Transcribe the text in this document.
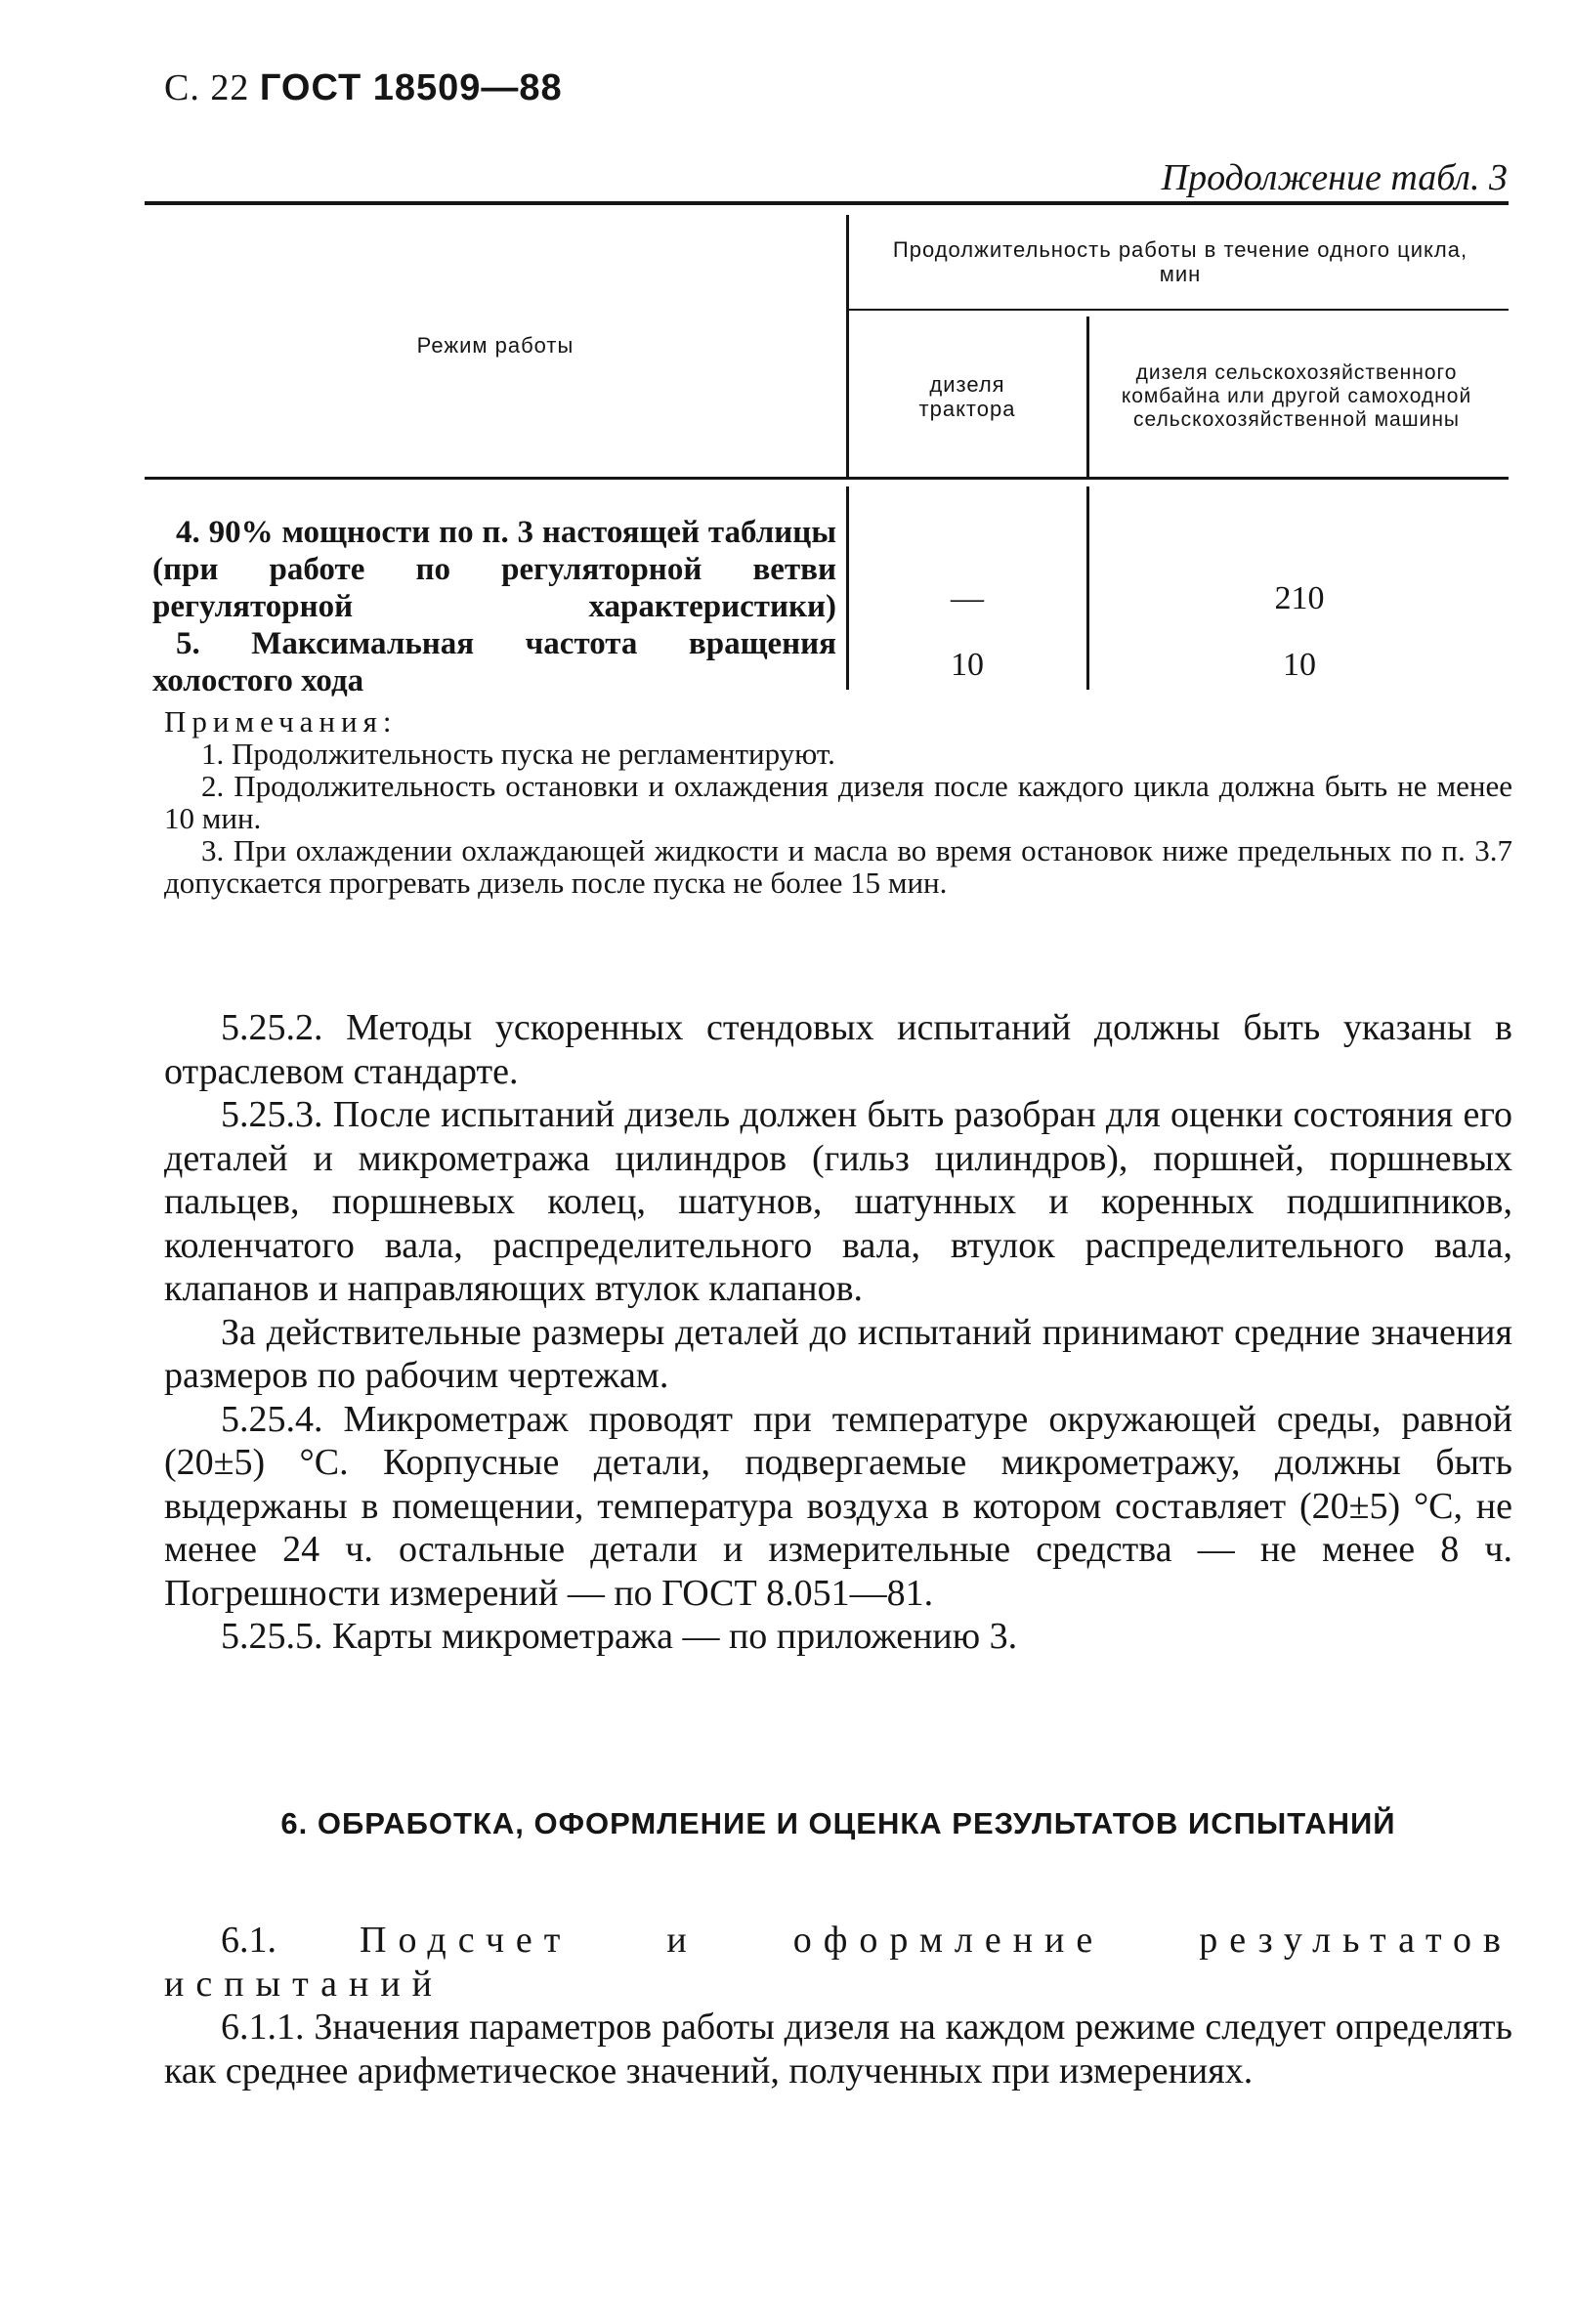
С. 22 ГОСТ 18509—88
Продолжение табл. 3
Режим работы
Продолжительность работы в течение одного цикла, мин
дизеля трактора
дизеля сельскохозяйственного комбайна или другой самоходной сельскохозяйственной машины
4. 90% мощности по п. 3 настоящей таблицы (при работе по регуляторной ветви регуляторной характеристики)	—	210
5. Максимальная частота вращения холостого хода	10	10

Примечания:

1. Продолжительность пуска не регламентируют.

2. Продолжительность остановки и охлаждения дизеля после каждого цикла должна быть не менее 10 мин.

3. При охлаждении охлаждающей жидкости и масла во время остановок ниже предельных по п. 3.7 допускается прогревать дизель после пуска не более 15 мин.

5.25.2. Методы ускоренных стендовых испытаний должны быть указаны в отраслевом стандарте.

5.25.3. После испытаний дизель должен быть разобран для оценки состояния его деталей и микрометража цилиндров (гильз цилиндров), поршней, поршневых пальцев, поршневых колец, шатунов, шатунных и коренных подшипников, коленчатого вала, распределительного вала, втулок распределительного вала, клапанов и направляющих втулок клапанов.

За действительные размеры деталей до испытаний принимают средние значения размеров по рабочим чертежам.

5.25.4. Микрометраж проводят при температуре окружающей среды, равной (20±5) °С. Корпусные детали, подвергаемые микрометражу, должны быть выдержаны в помещении, температура воздуха в котором составляет (20±5) °С, не менее 24 ч. остальные детали и измерительные средства — не менее 8 ч. Погрешности измерений — по ГОСТ 8.051—81.

5.25.5. Карты микрометража — по приложению 3.

6. ОБРАБОТКА, ОФОРМЛЕНИЕ И ОЦЕНКА РЕЗУЛЬТАТОВ ИСПЫТАНИЙ

6.1. Подсчет и оформление результатов испытаний

6.1.1. Значения параметров работы дизеля на каждом режиме следует определять как среднее арифметическое значений, полученных при измерениях.
